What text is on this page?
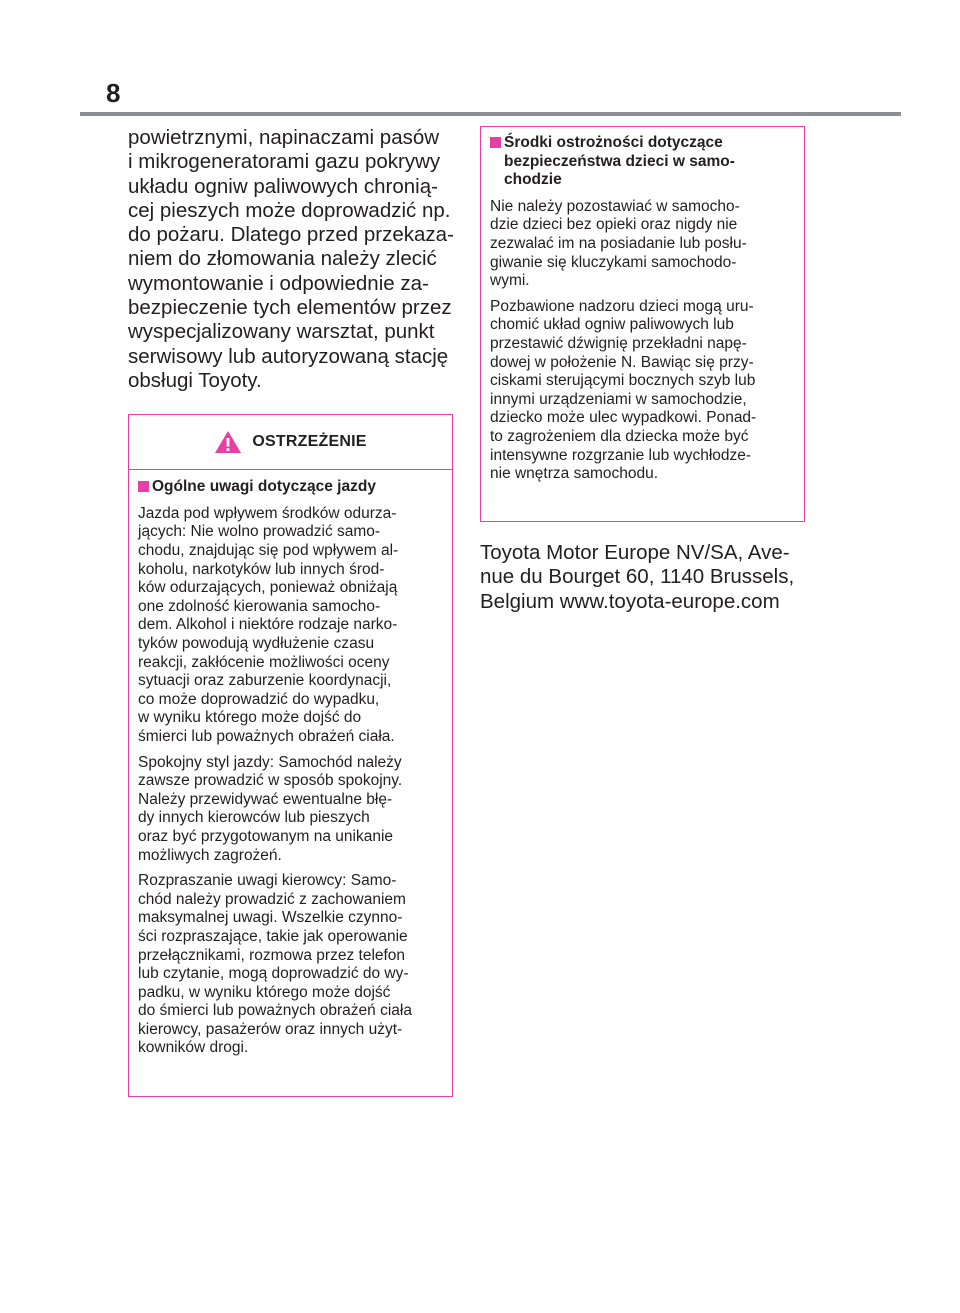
8
powietrznymi, napinaczami pasów
i mikrogeneratorami gazu pokrywy
układu ogniw paliwowych chronią-
cej pieszych może doprowadzić np.
do pożaru. Dlatego przed przekaza-
niem do złomowania należy zlecić
wymontowanie i odpowiednie za-
bezpieczenie tych elementów przez
wyspecjalizowany warsztat, punkt
serwisowy lub autoryzowaną stację
obsługi Toyoty.
OSTRZEŻENIE
Ogólne uwagi dotyczące jazdy
Jazda pod wpływem środków odurza-
jących: Nie wolno prowadzić samo-
chodu, znajdując się pod wpływem al-
koholu, narkotyków lub innych środ-
ków odurzających, ponieważ obniżają
one zdolność kierowania samocho-
dem. Alkohol i niektóre rodzaje narko-
tyków powodują wydłużenie czasu
reakcji, zakłócenie możliwości oceny
sytuacji oraz zaburzenie koordynacji,
co może doprowadzić do wypadku,
w wyniku którego może dojść do
śmierci lub poważnych obrażeń ciała.
Spokojny styl jazdy: Samochód należy
zawsze prowadzić w sposób spokojny.
Należy przewidywać ewentualne błę-
dy innych kierowców lub pieszych
oraz być przygotowanym na unikanie
możliwych zagrożeń.
Rozpraszanie uwagi kierowcy: Samo-
chód należy prowadzić z zachowaniem
maksymalnej uwagi. Wszelkie czynno-
ści rozpraszające, takie jak operowanie
przełącznikami, rozmowa przez telefon
lub czytanie, mogą doprowadzić do wy-
padku, w wyniku którego może dojść
do śmierci lub poważnych obrażeń ciała
kierowcy, pasażerów oraz innych użyt-
kowników drogi.
Środki ostrożności dotyczące
bezpieczeństwa dzieci w samo-
chodzie
Nie należy pozostawiać w samocho-
dzie dzieci bez opieki oraz nigdy nie
zezwalać im na posiadanie lub posłu-
giwanie się kluczykami samochodo-
wymi.
Pozbawione nadzoru dzieci mogą uru-
chomić układ ogniw paliwowych lub
przestawić dźwignię przekładni napę-
dowej w położenie N. Bawiąc się przy-
ciskami sterującymi bocznych szyb lub
innymi urządzeniami w samochodzie,
dziecko może ulec wypadkowi. Ponad-
to zagrożeniem dla dziecka może być
intensywne rozgrzanie lub wychłodze-
nie wnętrza samochodu.
Toyota Motor Europe NV/SA, Ave-
nue du Bourget 60, 1140 Brussels,
Belgium www.toyota-europe.com
